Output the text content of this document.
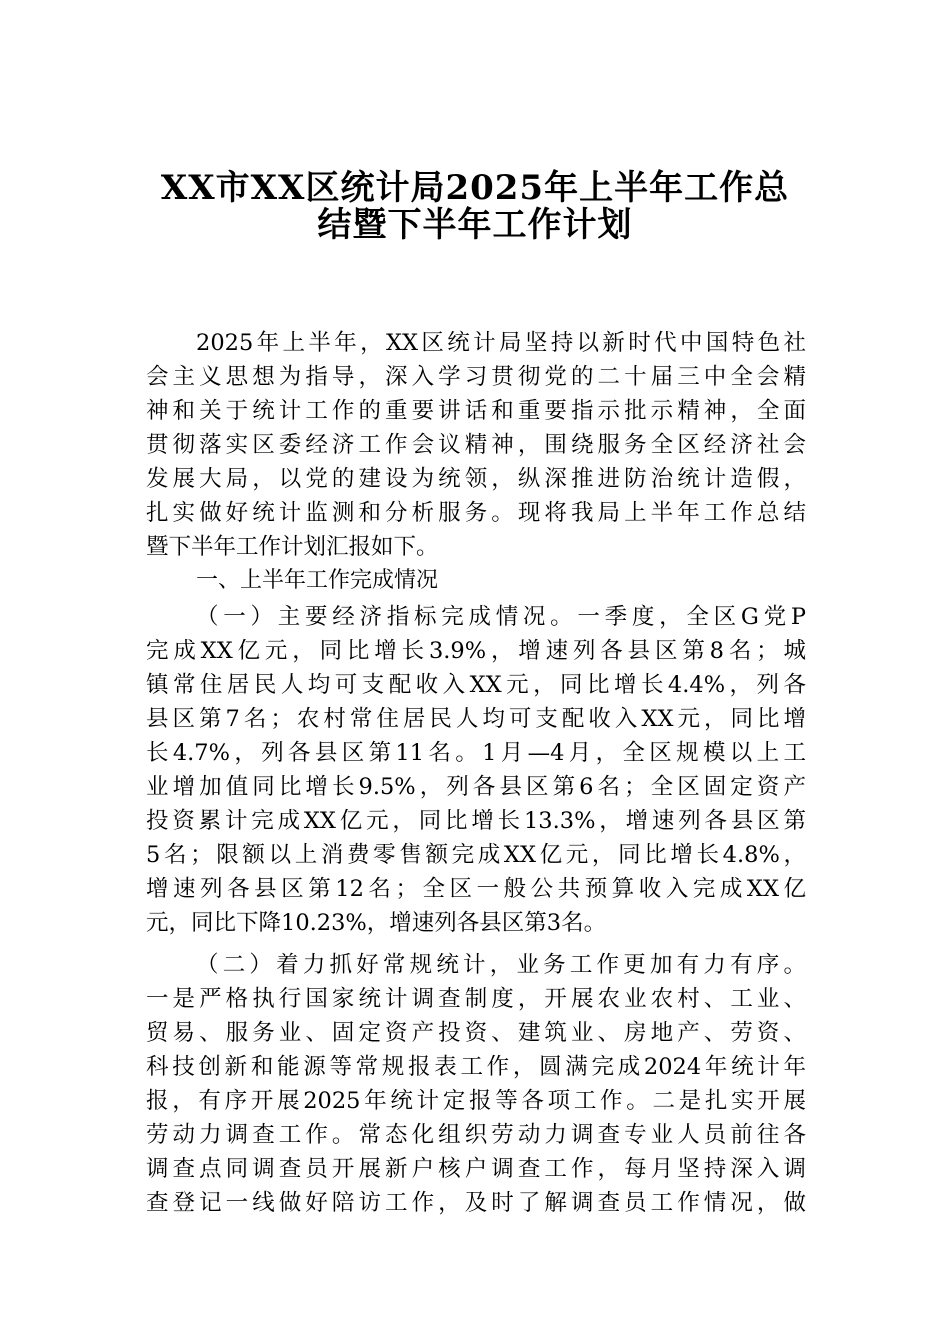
XX市XX区统计局2025年上半年工作总
结暨下半年工作计划
2025年上半年，XX区统计局坚持以新时代中国特色社
会主义思想为指导，深入学习贯彻党的二十届三中全会精
神和关于统计工作的重要讲话和重要指示批示精神，全面
贯彻落实区委经济工作会议精神，围绕服务全区经济社会
发展大局，以党的建设为统领，纵深推进防治统计造假，
扎实做好统计监测和分析服务。现将我局上半年工作总结
暨下半年工作计划汇报如下。
一、上半年工作完成情况
（一）主要经济指标完成情况。一季度，全区G党P
完成XX亿元，同比增长3.9%，增速列各县区第8名；城
镇常住居民人均可支配收入XX元，同比增长4.4%，列各
县区第7名；农村常住居民人均可支配收入XX元，同比增
长4.7%，列各县区第11名。1月—4月，全区规模以上工
业增加值同比增长9.5%，列各县区第6名；全区固定资产
投资累计完成XX亿元，同比增长13.3%，增速列各县区第
5名；限额以上消费零售额完成XX亿元，同比增长4.8%，
增速列各县区第12名；全区一般公共预算收入完成XX亿
元，同比下降10.23%，增速列各县区第3名。
（二）着力抓好常规统计，业务工作更加有力有序。
一是严格执行国家统计调查制度，开展农业农村、工业、
贸易、服务业、固定资产投资、建筑业、房地产、劳资、
科技创新和能源等常规报表工作，圆满完成2024年统计年
报，有序开展2025年统计定报等各项工作。二是扎实开展
劳动力调查工作。常态化组织劳动力调查专业人员前往各
调查点同调查员开展新户核户调查工作，每月坚持深入调
查登记一线做好陪访工作，及时了解调查员工作情况，做
